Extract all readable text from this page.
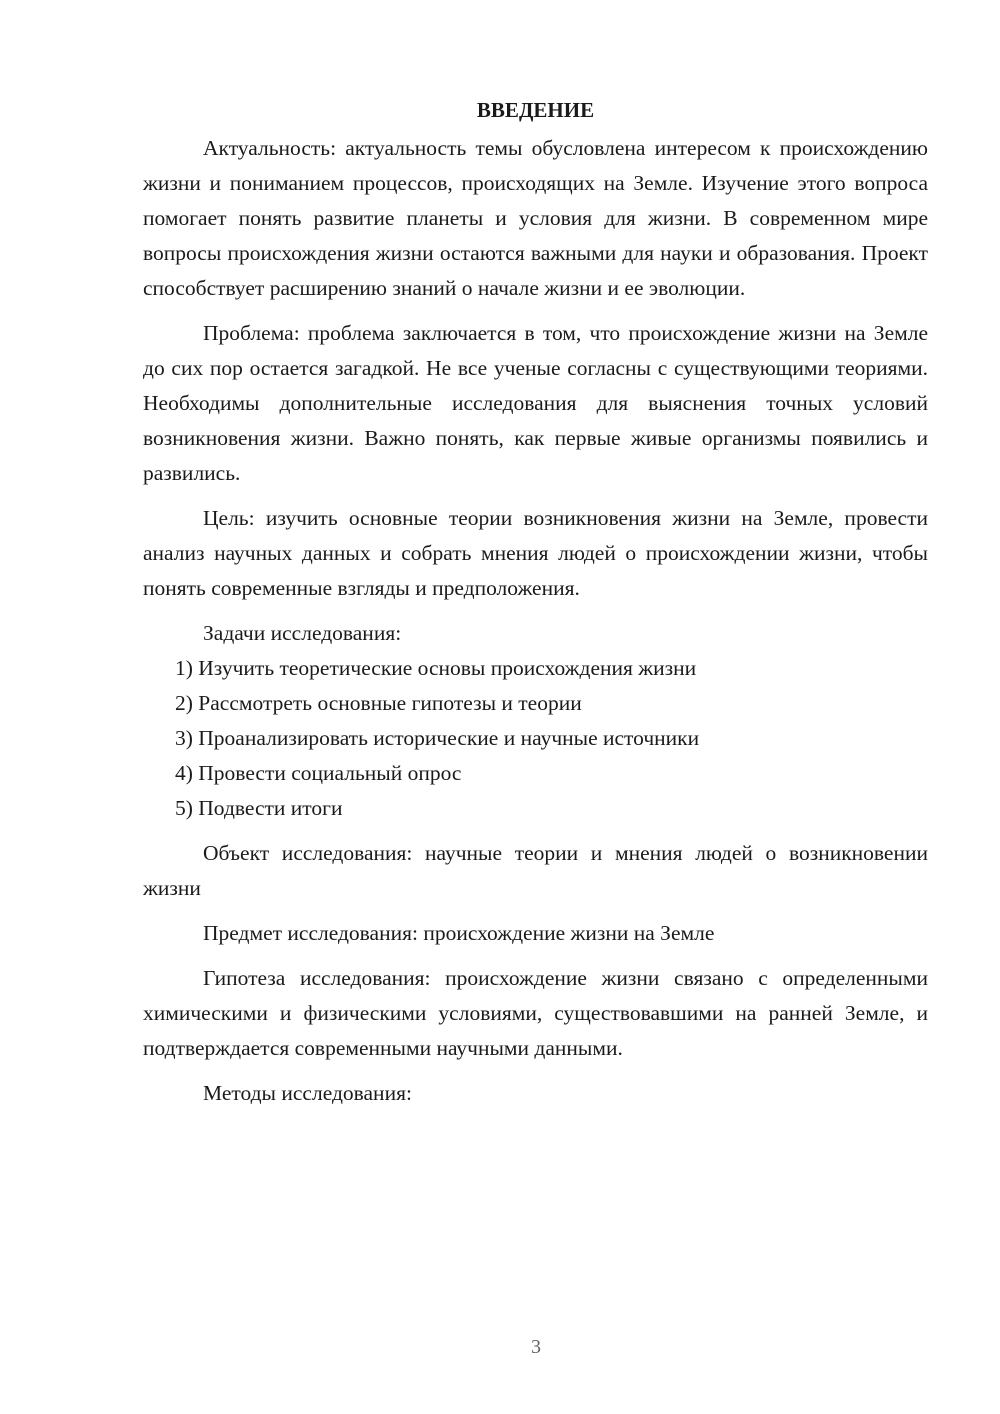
ВВЕДЕНИЕ

Актуальность: актуальность темы обусловлена интересом к происхождению жизни и пониманием процессов, происходящих на Земле. Изучение этого вопроса помогает понять развитие планеты и условия для жизни. В современном мире вопросы происхождения жизни остаются важными для науки и образования. Проект способствует расширению знаний о начале жизни и ее эволюции.

Проблема: проблема заключается в том, что происхождение жизни на Земле до сих пор остается загадкой. Не все ученые согласны с существующими теориями. Необходимы дополнительные исследования для выяснения точных условий возникновения жизни. Важно понять, как первые живые организмы появились и развились.

Цель: изучить основные теории возникновения жизни на Земле, провести анализ научных данных и собрать мнения людей о происхождении жизни, чтобы понять современные взгляды и предположения.

Задачи исследования:

1) Изучить теоретические основы происхождения жизни

2) Рассмотреть основные гипотезы и теории

3) Проанализировать исторические и научные источники

4) Провести социальный опрос

5) Подвести итоги

Объект исследования: научные теории и мнения людей о возникновении жизни

Предмет исследования: происхождение жизни на Земле

Гипотеза исследования: происхождение жизни связано с определенными химическими и физическими условиями, существовавшими на ранней Земле, и подтверждается современными научными данными.

Методы исследования:

3
